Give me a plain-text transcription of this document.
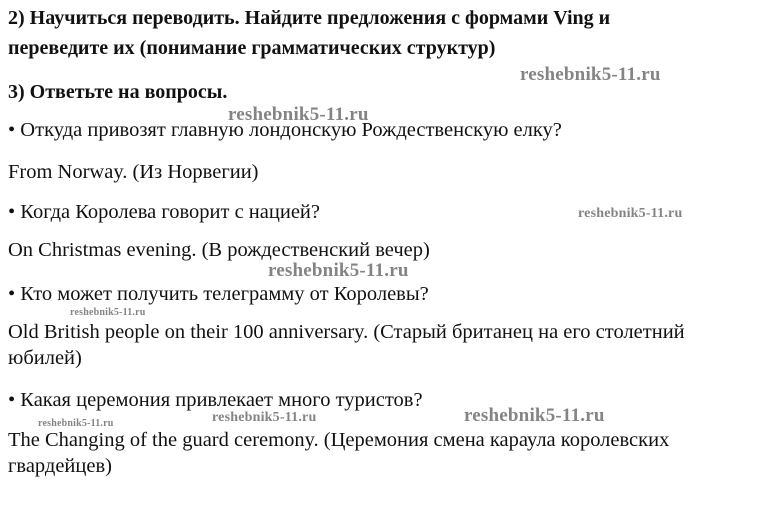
2) Научиться переводить. Найдите предложения с формами Ving и
переведите их (понимание грамматических структур)
3) Ответьте на вопросы.
• Откуда привозят главную лондонскую Рождественскую елку?
From Norway. (Из Норвегии)
• Когда Королева говорит с нацией?
On Christmas evening. (В рождественский вечер)
• Кто может получить телеграмму от Королевы?
Old British people on their 100 anniversary. (Старый британец на его столетний
юбилей)
• Какая церемония привлекает много туристов?
The Changing of the guard ceremony. (Церемония смена караула королевских
гвардейцев)
reshebnik5-11.ru
reshebnik5-11.ru
reshebnik5-11.ru
reshebnik5-11.ru
reshebnik5-11.ru
reshebnik5-11.ru	reshebnik5-11.ru	reshebnik5-11.ru
